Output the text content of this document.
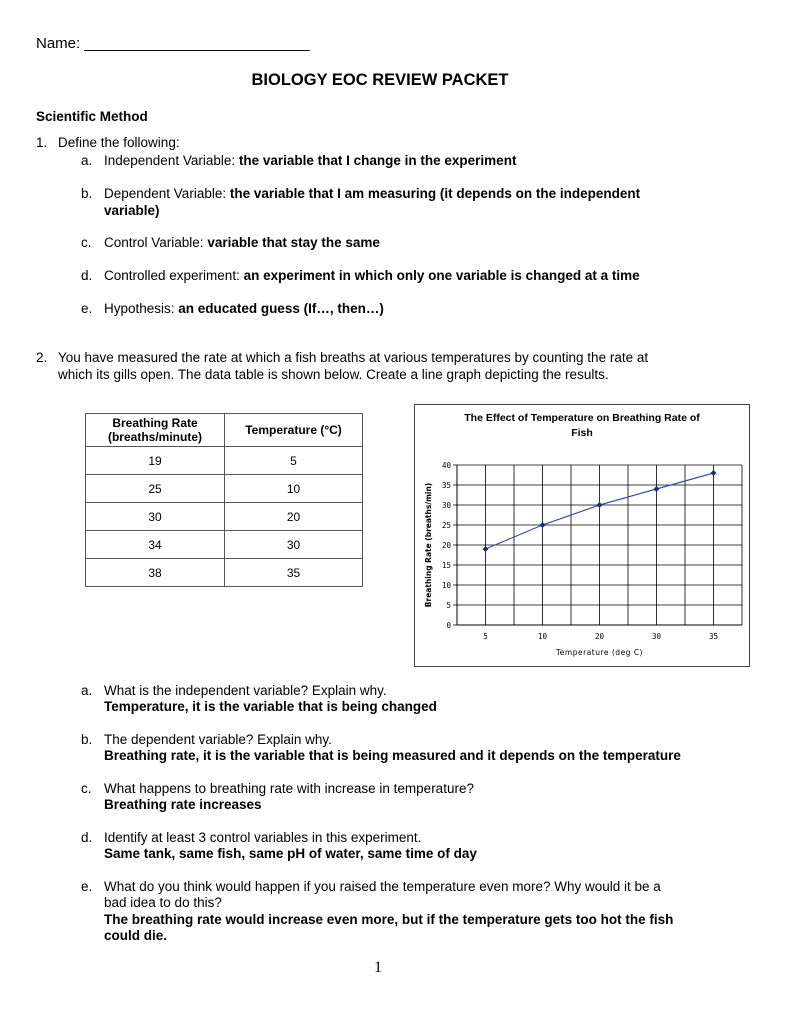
Name: ___________________________
BIOLOGY EOC REVIEW PACKET
Scientific Method
1. Define the following:
a. Independent Variable: the variable that I change in the experiment
b. Dependent Variable: the variable that I am measuring (it depends on the independent
variable)
c. Control Variable: variable that stay the same
d. Controlled experiment: an experiment in which only one variable is changed at a time
e. Hypothesis: an educated guess (If…, then…)
2. You have measured the rate at which a fish breaths at various temperatures by counting the rate at
which its gills open. The data table is shown below. Create a line graph depicting the results.
Breathing Rate
(breaths/minute)	Temperature (°C)
19	5
25	10
30	20
34	30
38	35
The Effect of Temperature on Breathing Rate of
Fish
0
5
10
15
20
25
30
35
40
5	10	20	30	35
Temperature (deg C)
Breathing Rate (breaths/min)
a. What is the independent variable? Explain why.
Temperature, it is the variable that is being changed
b. The dependent variable? Explain why.
Breathing rate, it is the variable that is being measured and it depends on the temperature
c. What happens to breathing rate with increase in temperature?
Breathing rate increases
d. Identify at least 3 control variables in this experiment.
Same tank, same fish, same pH of water, same time of day
e. What do you think would happen if you raised the temperature even more? Why would it be a
bad idea to do this?
The breathing rate would increase even more, but if the temperature gets too hot the fish
could die.
1
